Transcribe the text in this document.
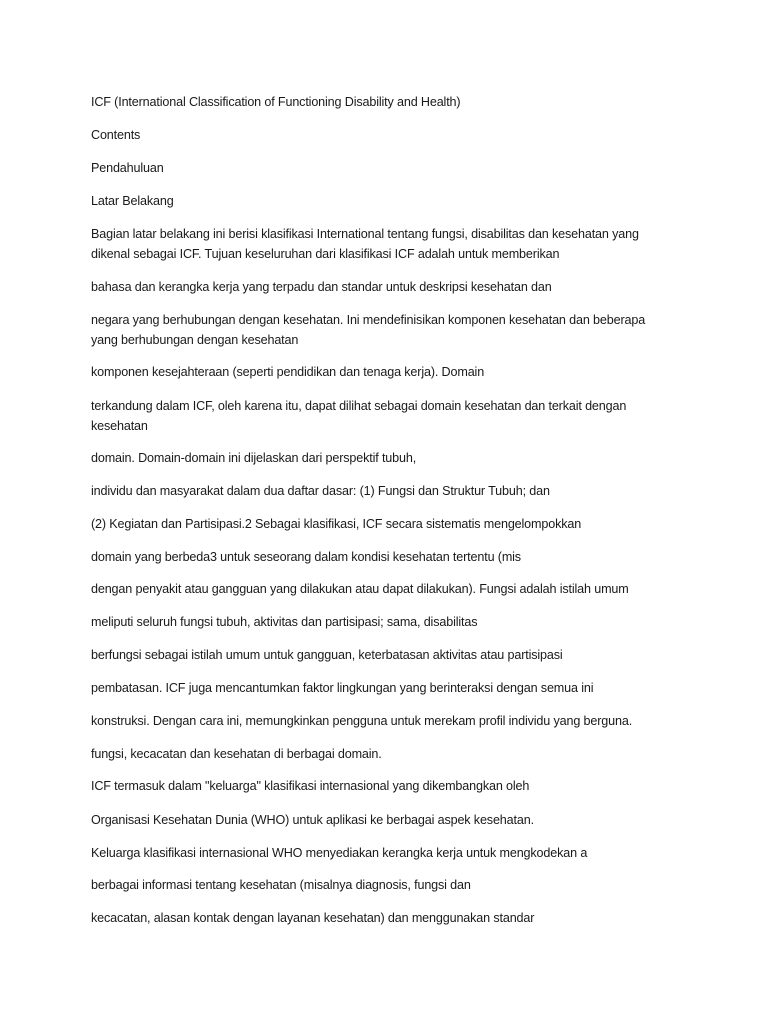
ICF (International Classification of Functioning Disability and Health)
Contents
Pendahuluan
Latar Belakang
Bagian latar belakang ini berisi klasifikasi International tentang fungsi, disabilitas dan kesehatan yang dikenal sebagai ICF. Tujuan keseluruhan dari klasifikasi ICF adalah untuk memberikan
bahasa dan kerangka kerja yang terpadu dan standar untuk deskripsi kesehatan dan
negara yang berhubungan dengan kesehatan. Ini mendefinisikan komponen kesehatan dan beberapa yang berhubungan dengan kesehatan
komponen kesejahteraan (seperti pendidikan dan tenaga kerja). Domain
terkandung dalam ICF, oleh karena itu, dapat dilihat sebagai domain kesehatan dan terkait dengan kesehatan
domain. Domain-domain ini dijelaskan dari perspektif tubuh,
individu dan masyarakat dalam dua daftar dasar: (1) Fungsi dan Struktur Tubuh; dan
(2) Kegiatan dan Partisipasi.2 Sebagai klasifikasi, ICF secara sistematis mengelompokkan
domain yang berbeda3 untuk seseorang dalam kondisi kesehatan tertentu (mis
dengan penyakit atau gangguan yang dilakukan atau dapat dilakukan). Fungsi adalah istilah umum
meliputi seluruh fungsi tubuh, aktivitas dan partisipasi; sama, disabilitas
berfungsi sebagai istilah umum untuk gangguan, keterbatasan aktivitas atau partisipasi
pembatasan. ICF juga mencantumkan faktor lingkungan yang berinteraksi dengan semua ini
konstruksi. Dengan cara ini, memungkinkan pengguna untuk merekam profil individu yang berguna.
fungsi, kecacatan dan kesehatan di berbagai domain.
ICF termasuk dalam "keluarga" klasifikasi internasional yang dikembangkan oleh
Organisasi Kesehatan Dunia (WHO) untuk aplikasi ke berbagai aspek kesehatan.
Keluarga klasifikasi internasional WHO menyediakan kerangka kerja untuk mengkodekan a
berbagai informasi tentang kesehatan (misalnya diagnosis, fungsi dan
kecacatan, alasan kontak dengan layanan kesehatan) dan menggunakan standar
